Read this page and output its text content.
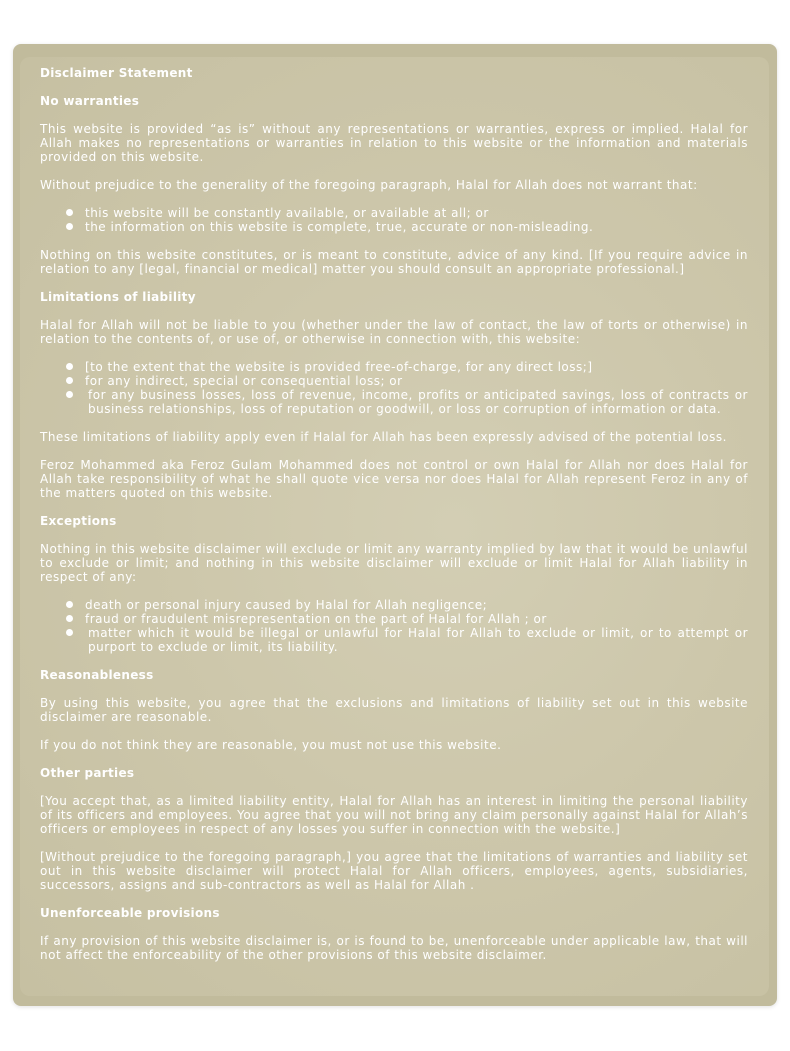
Disclaimer Statement
No warranties

This website is provided “as is” without any representations or warranties, express or implied. Halal for Allah makes no representations or warranties in relation to this website or the information and materials provided on this website.

Without prejudice to the generality of the foregoing paragraph, Halal for Allah does not warrant that:

this website will be constantly available, or available at all; or
the information on this website is complete, true, accurate or non-misleading.

Nothing on this website constitutes, or is meant to constitute, advice of any kind. [If you require advice in relation to any [legal, financial or medical] matter you should consult an appropriate professional.]

Limitations of liability

Halal for Allah will not be liable to you (whether under the law of contact, the law of torts or otherwise) in relation to the contents of, or use of, or otherwise in connection with, this website:

[to the extent that the website is provided free-of-charge, for any direct loss;]
for any indirect, special or consequential loss; or
for any business losses, loss of revenue, income, profits or anticipated savings, loss of contracts or business relationships, loss of reputation or goodwill, or loss or corruption of information or data.

These limitations of liability apply even if Halal for Allah has been expressly advised of the potential loss.

Feroz Mohammed aka Feroz Gulam Mohammed does not control or own Halal for Allah nor does Halal for Allah take responsibility of what he shall quote vice versa nor does Halal for Allah represent Feroz in any of the matters quoted on this website.

Exceptions

Nothing in this website disclaimer will exclude or limit any warranty implied by law that it would be unlawful to exclude or limit; and nothing in this website disclaimer will exclude or limit Halal for Allah liability in respect of any:

death or personal injury caused by Halal for Allah negligence;
fraud or fraudulent misrepresentation on the part of Halal for Allah ; or
matter which it would be illegal or unlawful for Halal for Allah to exclude or limit, or to attempt or purport to exclude or limit, its liability.
Reasonableness

By using this website, you agree that the exclusions and limitations of liability set out in this website disclaimer are reasonable.

If you do not think they are reasonable, you must not use this website.

Other parties

[You accept that, as a limited liability entity, Halal for Allah has an interest in limiting the personal liability of its officers and employees. You agree that you will not bring any claim personally against Halal for Allah’s officers or employees in respect of any losses you suffer in connection with the website.]

[Without prejudice to the foregoing paragraph,] you agree that the limitations of warranties and liability set out in this website disclaimer will protect Halal for Allah officers, employees, agents, subsidiaries, successors, assigns and sub-contractors as well as Halal for Allah .

Unenforceable provisions

If any provision of this website disclaimer is, or is found to be, unenforceable under applicable law, that will not affect the enforceability of the other provisions of this website disclaimer.
